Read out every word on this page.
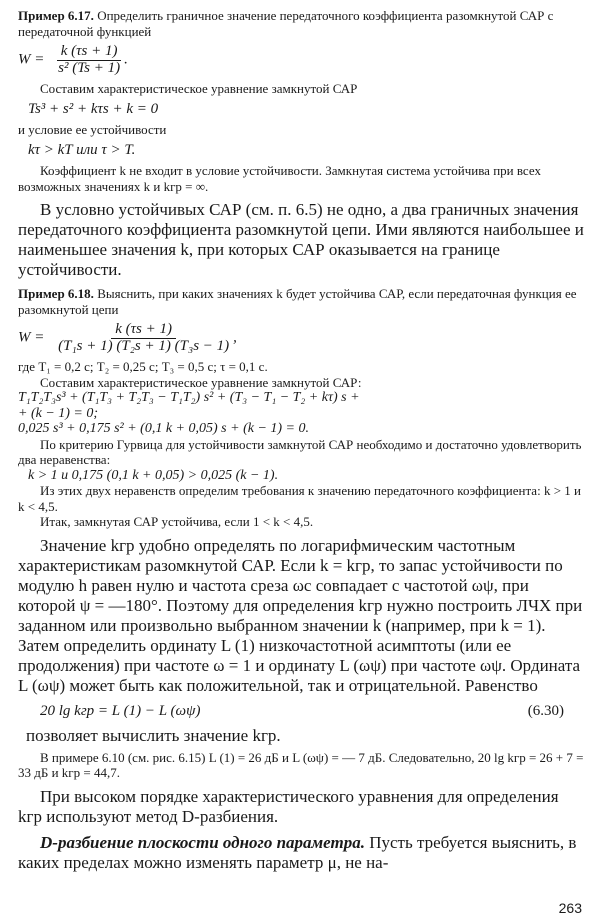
Пример 6.17. Определить граничное значение передаточного коэффициента разомкнутой САР с передаточной функцией

$W = \frac{k (\tau s + 1)}{\text{s² (Ts + 1)}}$ .

Составим характеристическое уравнение замкнутой САР

Ts³ + s² + kτs + k = 0

и условие ее устойчивости

kτ > kT или τ > T.

Коэффициент k не входит в условие устойчивости. Замкнутая система устойчива при всех возможных значениях k и kгр = ∞.

В условно устойчивых САР (см. п. 6.5) не одно, а два граничных значения передаточного коэффициента разомкнутой цепи. Ими являются наибольшее и наименьшее значения k, при которых САР оказывается на границе устойчивости.

Пример 6.18. Выяснить, при каких значениях k будет устойчива САР, если передаточная функция ее разомкнутой цепи

$W = \frac{k (\tau s + 1)}{\text{(T₁s + 1) (T₂s + 1) (T₃s − 1)}}$ ,

где T₁ = 0,2 с; T₂ = 0,25 с; T₃ = 0,5 с; τ = 0,1 с.

Составим характеристическое уравнение замкнутой САР:

T₁T₂T₃s³ + (T₁T₃ + T₂T₃ − T₁T₂) s² + (T₃ − T₁ − T₂ + kτ) s +

+ (k − 1) = 0;

0,025 s³ + 0,175 s² + (0,1 k + 0,05) s + (k − 1) = 0.

По критерию Гурвица для устойчивости замкнутой САР необходимо и достаточно удовлетворить два неравенства:

k > 1 и 0,175 (0,1 k + 0,05) > 0,025 (k − 1).

Из этих двух неравенств определим требования к значению передаточного коэффициента: k > 1 и k < 4,5.

Итак, замкнутая САР устойчива, если 1 < k < 4,5.

Значение kгр удобно определять по логарифмическим частотным характеристикам разомкнутой САР. Если k = kгр, то запас устойчивости по модулю h равен нулю и частота среза ωс совпадает с частотой ωψ, при которой ψ = —180°. Поэтому для определения kгр нужно построить ЛЧХ при заданном или произвольно выбранном значении k (например, при k = 1). Затем определить ординату L (1) низкочастотной асимптоты (или ее продолжения) при частоте ω = 1 и ординату L (ωψ) при частоте ωψ. Ордината L (ωψ) может быть как положительной, так и отрицательной. Равенство

20 lg kгр = L (1) − L (ωψ)	(6.30)

позволяет вычислить значение kгр.

В примере 6.10 (см. рис. 6.15) L (1) = 26 дБ и L (ωψ) = — 7 дБ. Следовательно, 20 lg kгр = 26 + 7 = 33 дБ и kгр = 44,7.

При высоком порядке характеристического уравнения для определения kгр используют метод D-разбиения.

D-разбиение плоскости одного параметра. Пусть требуется выяснить, в каких пределах можно изменять параметр μ, не на-

263
